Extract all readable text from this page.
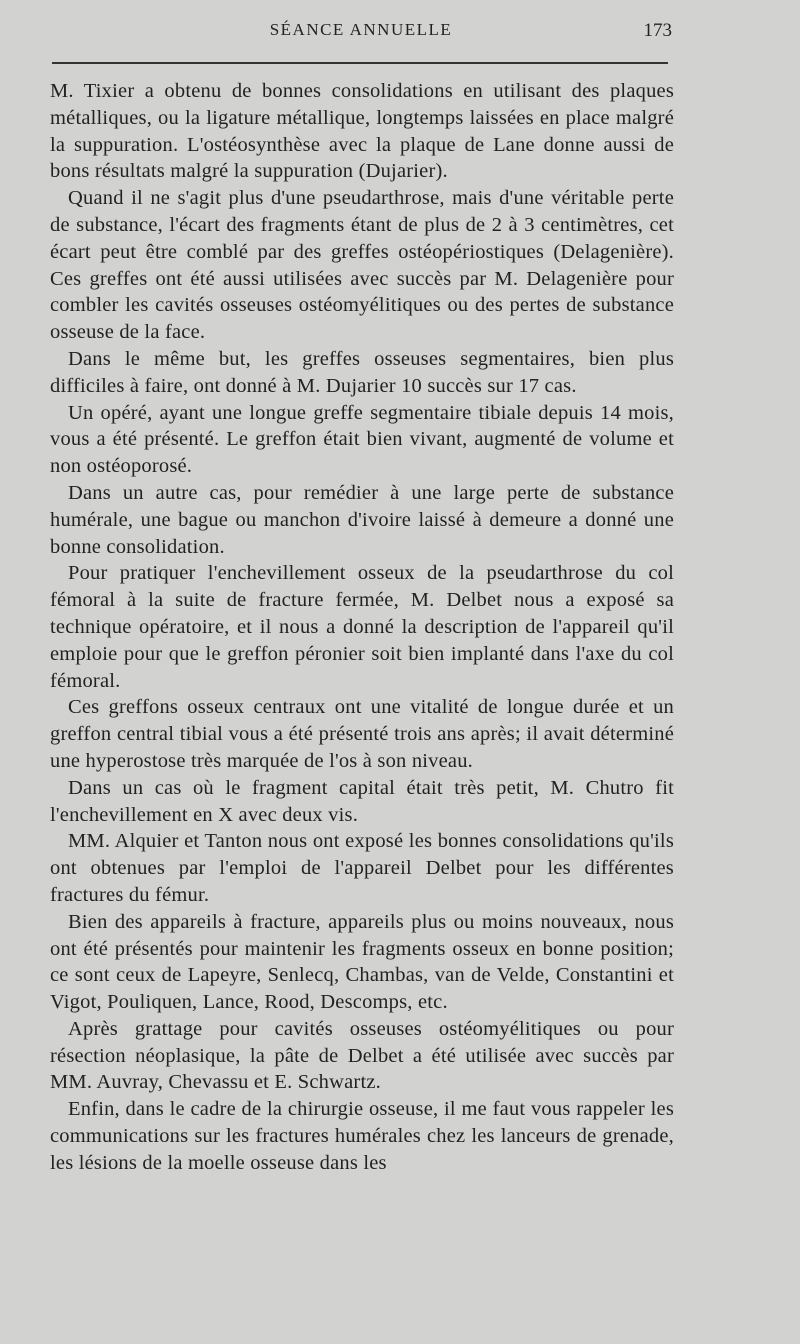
SÉANCE ANNUELLE	173

M. Tixier a obtenu de bonnes consolidations en utilisant des plaques métalliques, ou la ligature métallique, longtemps laissées en place malgré la suppuration. L'ostéosynthèse avec la plaque de Lane donne aussi de bons résultats malgré la suppuration (Dujarier).

Quand il ne s'agit plus d'une pseudarthrose, mais d'une véritable perte de substance, l'écart des fragments étant de plus de 2 à 3 centimètres, cet écart peut être comblé par des greffes ostéopériostiques (Delagenière). Ces greffes ont été aussi utilisées avec succès par M. Delagenière pour combler les cavités osseuses ostéomyélitiques ou des pertes de substance osseuse de la face.

Dans le même but, les greffes osseuses segmentaires, bien plus difficiles à faire, ont donné à M. Dujarier 10 succès sur 17 cas.

Un opéré, ayant une longue greffe segmentaire tibiale depuis 14 mois, vous a été présenté. Le greffon était bien vivant, augmenté de volume et non ostéoporosé.

Dans un autre cas, pour remédier à une large perte de substance humérale, une bague ou manchon d'ivoire laissé à demeure a donné une bonne consolidation.

Pour pratiquer l'enchevillement osseux de la pseudarthrose du col fémoral à la suite de fracture fermée, M. Delbet nous a exposé sa technique opératoire, et il nous a donné la description de l'appareil qu'il emploie pour que le greffon péronier soit bien implanté dans l'axe du col fémoral.

Ces greffons osseux centraux ont une vitalité de longue durée et un greffon central tibial vous a été présenté trois ans après; il avait déterminé une hyperostose très marquée de l'os à son niveau.

Dans un cas où le fragment capital était très petit, M. Chutro fit l'enchevillement en X avec deux vis.

MM. Alquier et Tanton nous ont exposé les bonnes consolidations qu'ils ont obtenues par l'emploi de l'appareil Delbet pour les différentes fractures du fémur.

Bien des appareils à fracture, appareils plus ou moins nouveaux, nous ont été présentés pour maintenir les fragments osseux en bonne position; ce sont ceux de Lapeyre, Senlecq, Chambas, van de Velde, Constantini et Vigot, Pouliquen, Lance, Rood, Descomps, etc.

Après grattage pour cavités osseuses ostéomyélitiques ou pour résection néoplasique, la pâte de Delbet a été utilisée avec succès par MM. Auvray, Chevassu et E. Schwartz.

Enfin, dans le cadre de la chirurgie osseuse, il me faut vous rappeler les communications sur les fractures humérales chez les lanceurs de grenade, les lésions de la moelle osseuse dans les
